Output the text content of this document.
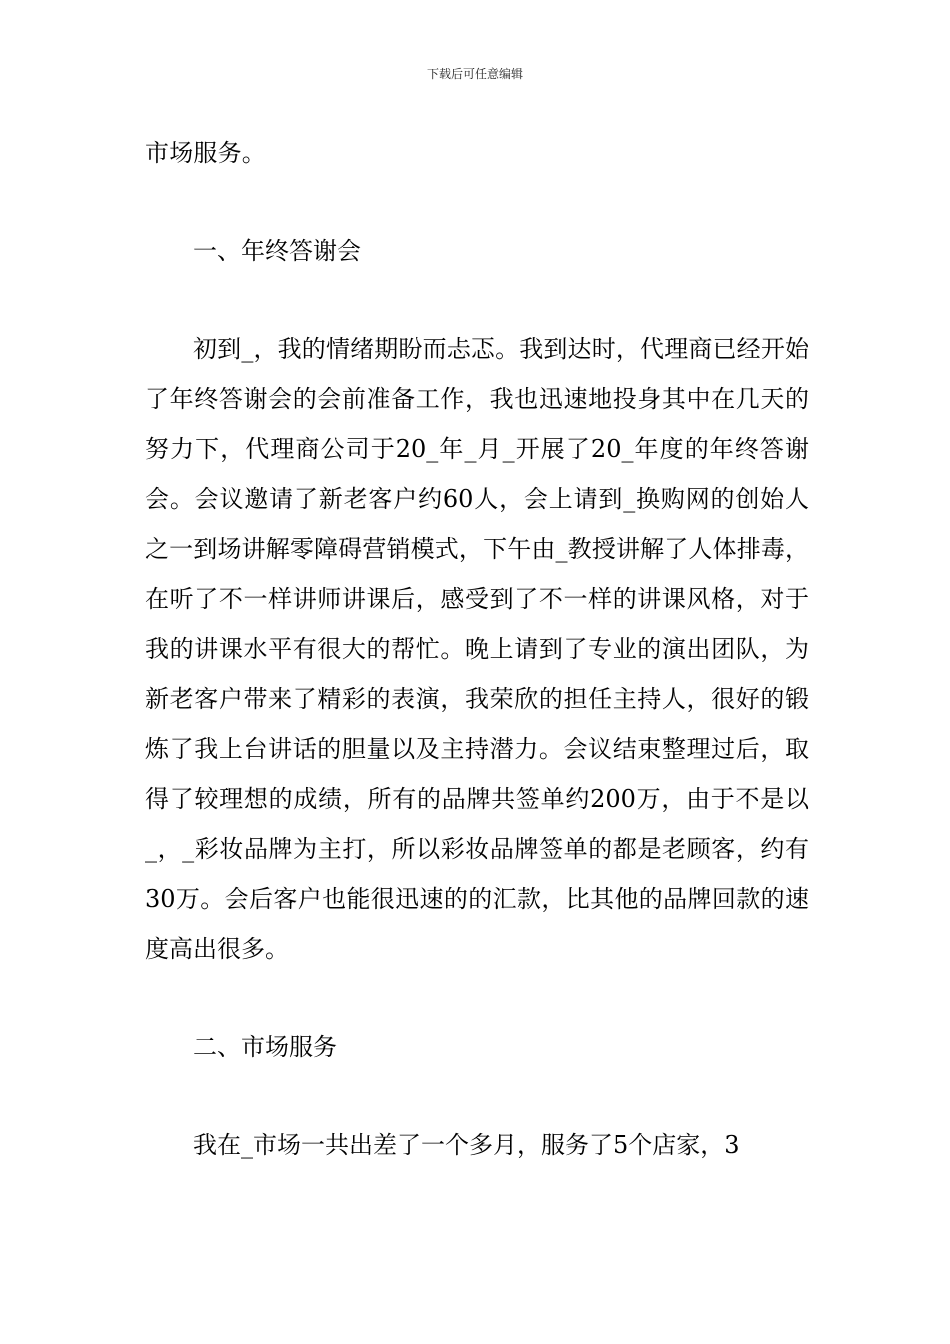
下载后可任意编辑

市场服务。

一、年终答谢会

初到_，我的情绪期盼而忐忑。我到达时，代理商已经开始了年终答谢会的会前准备工作，我也迅速地投身其中在几天的努力下，代理商公司于20_年_月_开展了20_年度的年终答谢会。会议邀请了新老客户约60人，会上请到_换购网的创始人之一到场讲解零障碍营销模式，下午由_教授讲解了人体排毒，在听了不一样讲师讲课后，感受到了不一样的讲课风格，对于我的讲课水平有很大的帮忙。晚上请到了专业的演出团队，为新老客户带来了精彩的表演，我荣欣的担任主持人，很好的锻炼了我上台讲话的胆量以及主持潜力。会议结束整理过后，取得了较理想的成绩，所有的品牌共签单约200万，由于不是以_，_彩妆品牌为主打，所以彩妆品牌签单的都是老顾客，约有30万。会后客户也能很迅速的的汇款，比其他的品牌回款的速度高出很多。

二、市场服务

我在_市场一共出差了一个多月，服务了5个店家，3
